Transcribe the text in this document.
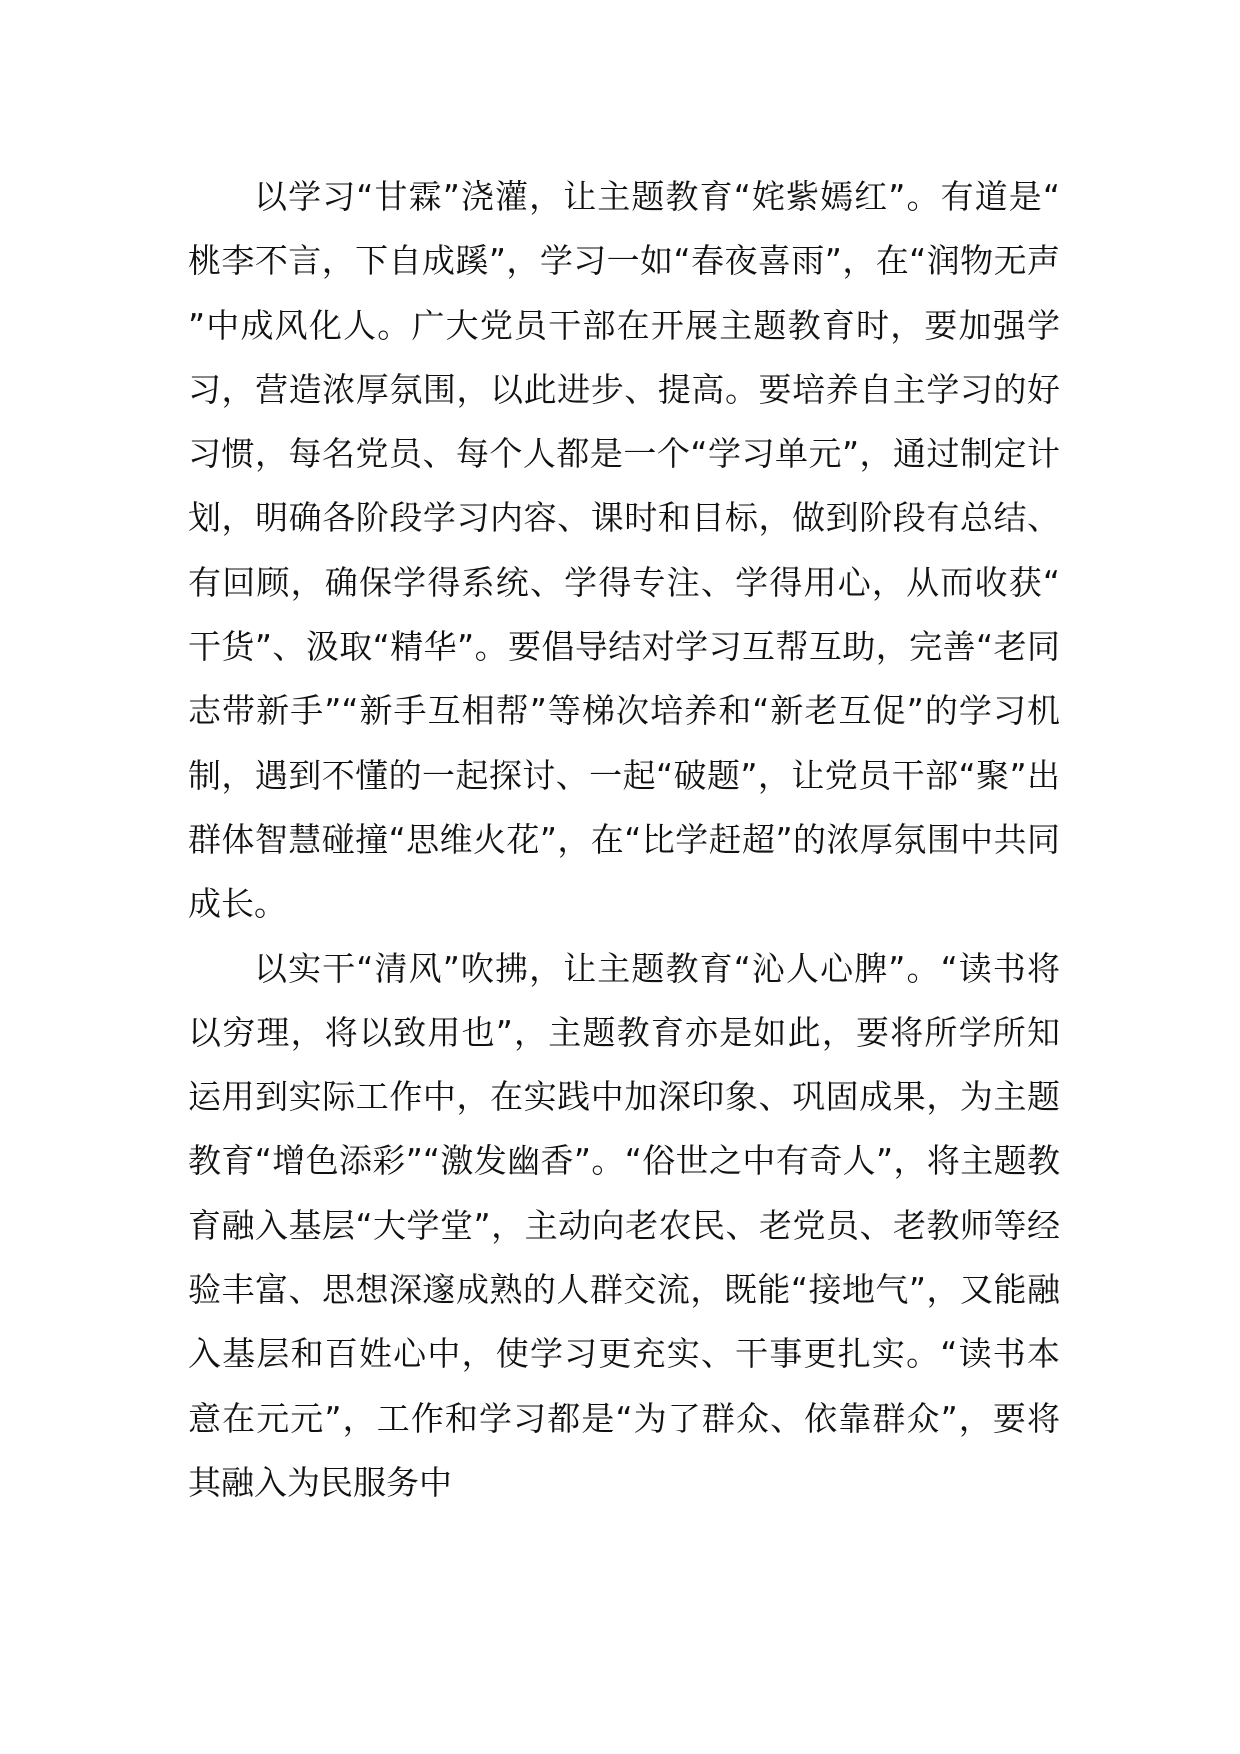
以学习“甘霖”浇灌，让主题教育“姹紫嫣红”。有道是“桃李不言，下自成蹊”，学习一如“春夜喜雨”，在“润物无声”中成风化人。广大党员干部在开展主题教育时，要加强学习，营造浓厚氛围，以此进步、提高。要培养自主学习的好习惯，每名党员、每个人都是一个“学习单元”，通过制定计划，明确各阶段学习内容、课时和目标，做到阶段有总结、有回顾，确保学得系统、学得专注、学得用心，从而收获“干货”、汲取“精华”。要倡导结对学习互帮互助，完善“老同志带新手”“新手互相帮”等梯次培养和“新老互促”的学习机制，遇到不懂的一起探讨、一起“破题”，让党员干部“聚”出群体智慧碰撞“思维火花”，在“比学赶超”的浓厚氛围中共同成长。

以实干“清风”吹拂，让主题教育“沁人心脾”。“读书将以穷理，将以致用也”，主题教育亦是如此，要将所学所知运用到实际工作中，在实践中加深印象、巩固成果，为主题教育“增色添彩”“激发幽香”。“俗世之中有奇人”，将主题教育融入基层“大学堂”，主动向老农民、老党员、老教师等经验丰富、思想深邃成熟的人群交流，既能“接地气”，又能融入基层和百姓心中，使学习更充实、干事更扎实。“读书本意在元元”，工作和学习都是“为了群众、依靠群众”，要将其融入为民服务中
